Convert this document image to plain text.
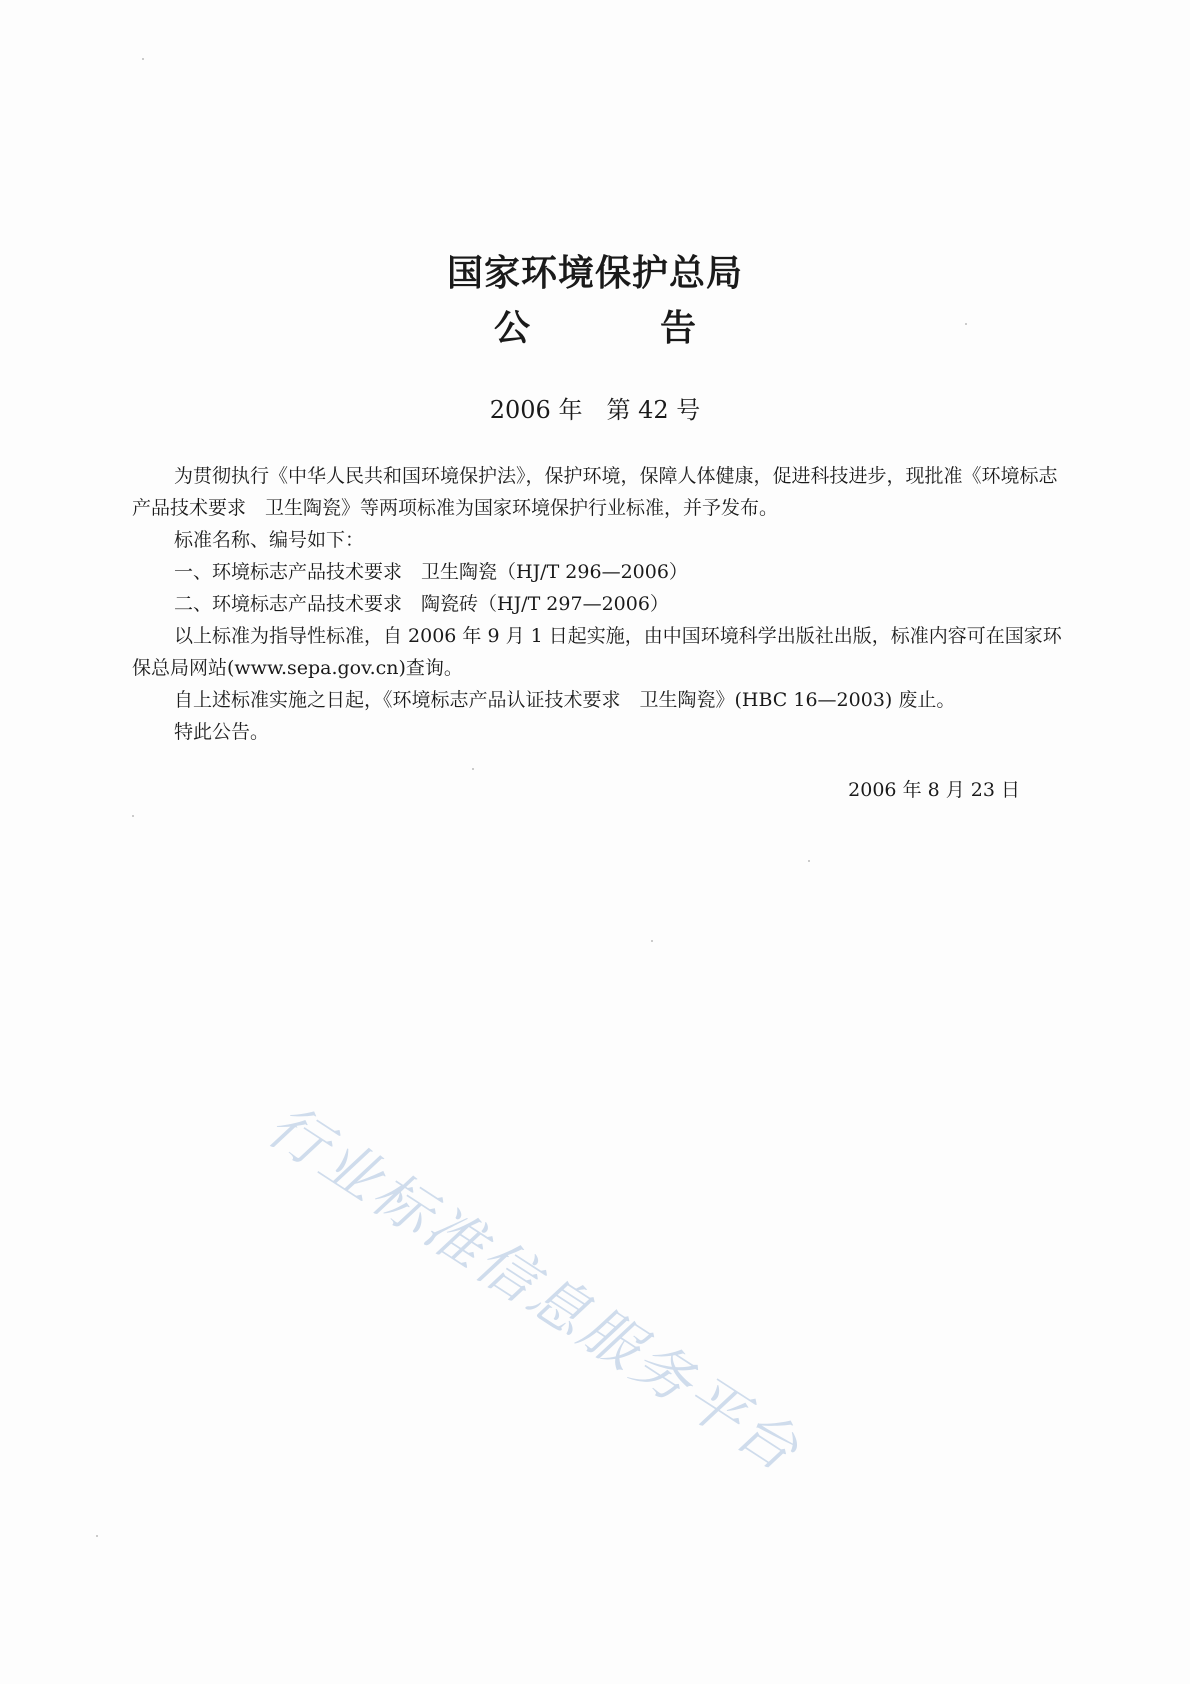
国家环境保护总局
公	告
2006 年　第 42 号

为贯彻执行《中华人民共和国环境保护法》，保护环境，保障人体健康，促进科技进步，现批准《环境标志产品技术要求　卫生陶瓷》等两项标准为国家环境保护行业标准，并予发布。

标准名称、编号如下：

一、环境标志产品技术要求　卫生陶瓷（HJ/T 296—2006）

二、环境标志产品技术要求　陶瓷砖（HJ/T 297—2006）

以上标准为指导性标准，自 2006 年 9 月 1 日起实施，由中国环境科学出版社出版，标准内容可在国家环保总局网站(www.sepa.gov.cn)查询。

自上述标准实施之日起，《环境标志产品认证技术要求　卫生陶瓷》(HBC 16—2003) 废止。

特此公告。

2006 年 8 月 23 日
行业标准信息服务平台
